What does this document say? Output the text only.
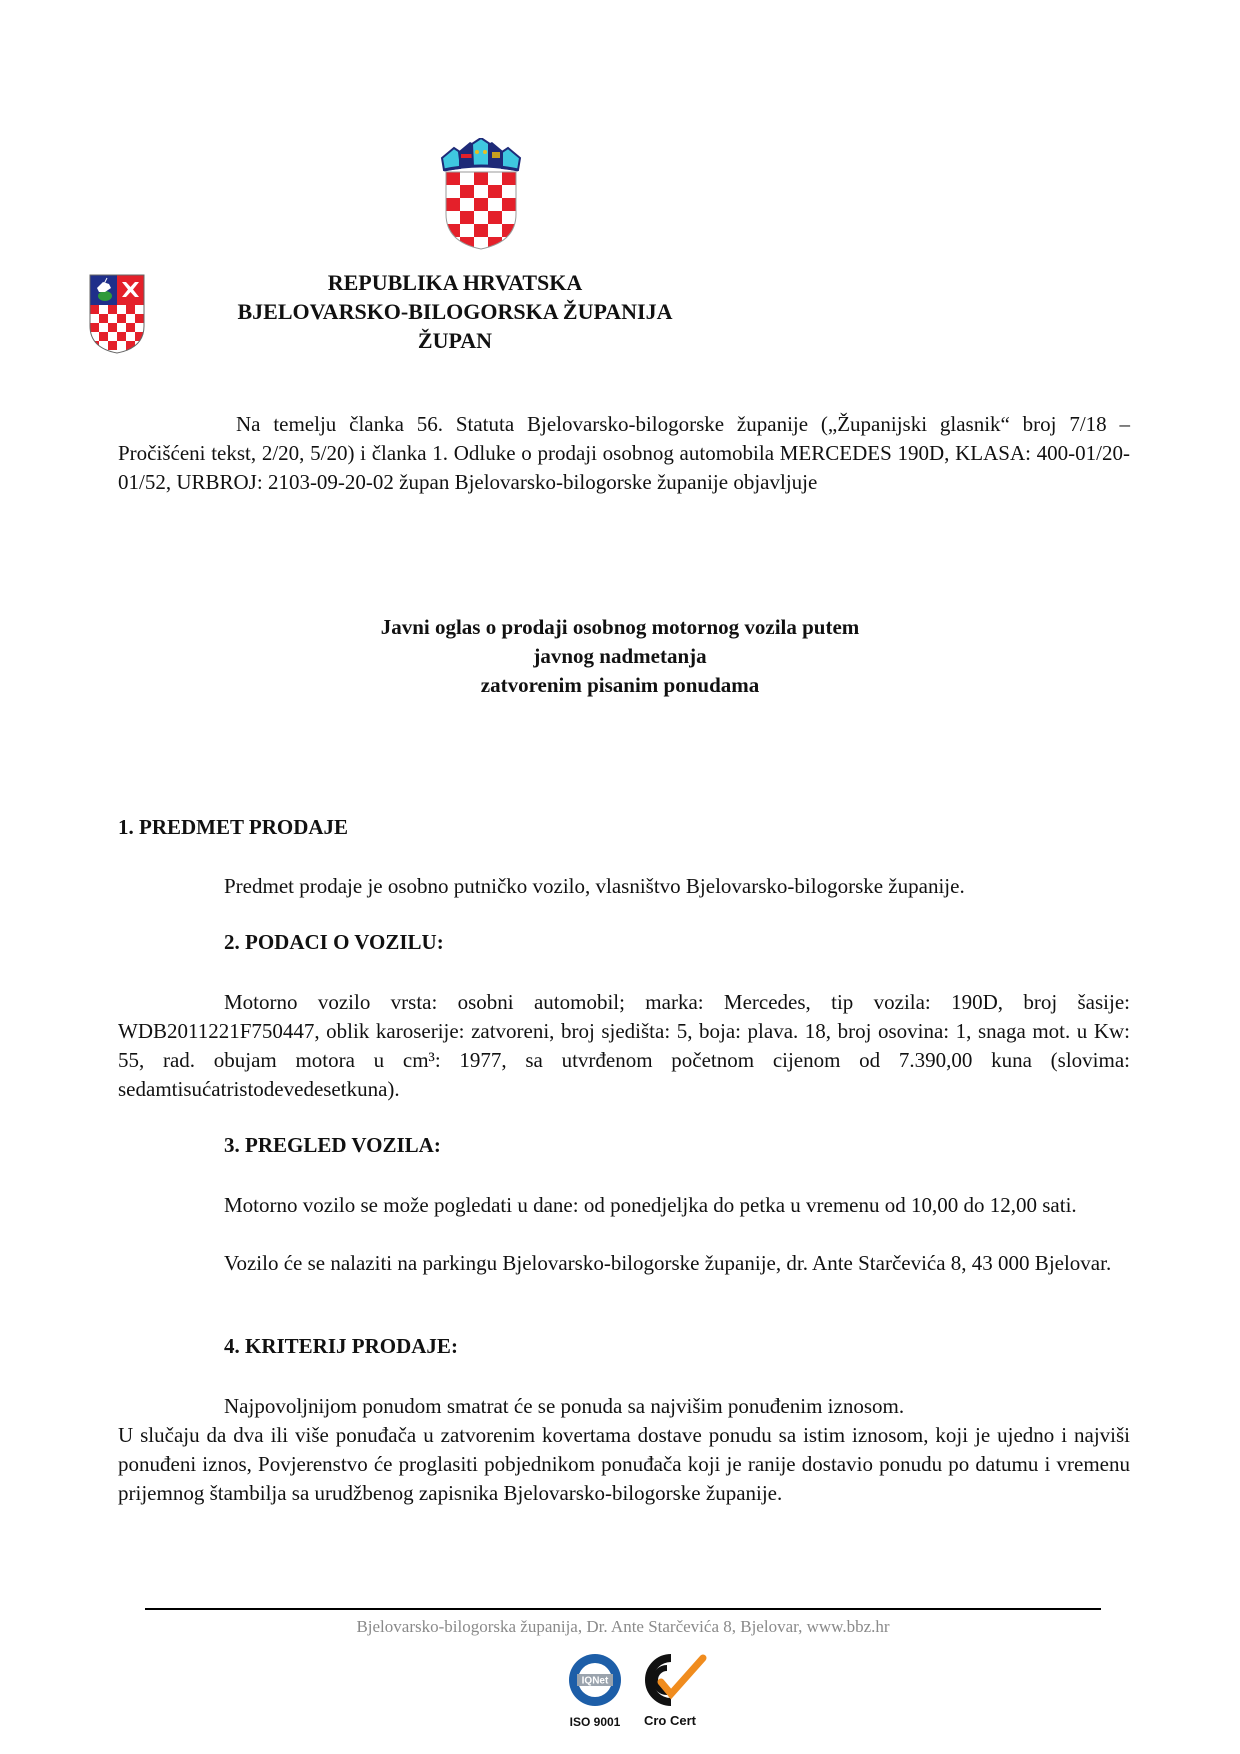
REPUBLIKA HRVATSKA
BJELOVARSKO-BILOGORSKA ŽUPANIJA
ŽUPAN
Na temelju članka 56. Statuta Bjelovarsko-bilogorske županije („Županijski glasnik“ broj 7/18 – Pročišćeni tekst, 2/20, 5/20) i članka 1. Odluke o prodaji osobnog automobila MERCEDES 190D, KLASA: 400-01/20-01/52, URBROJ: 2103-09-20-02 župan Bjelovarsko-bilogorske županije objavljuje
Javni oglas o prodaji osobnog motornog vozila putem
javnog nadmetanja
zatvorenim pisanim ponudama
1. PREDMET PRODAJE
Predmet prodaje je osobno putničko vozilo, vlasništvo Bjelovarsko-bilogorske županije.
2. PODACI O VOZILU:
Motorno vozilo vrsta: osobni automobil; marka: Mercedes, tip vozila: 190D, broj šasije: WDB2011221F750447, oblik karoserije: zatvoreni, broj sjedišta: 5, boja: plava. 18, broj osovina: 1, snaga mot. u Kw: 55, rad. obujam motora u cm³: 1977, sa utvrđenom početnom cijenom od 7.390,00 kuna (slovima: sedamtisućatristodevedesetkuna).
3. PREGLED VOZILA:
Motorno vozilo se može pogledati u dane: od ponedjeljka do petka u vremenu od 10,00 do 12,00 sati.
Vozilo će se nalaziti na parkingu Bjelovarsko-bilogorske županije, dr. Ante Starčevića 8, 43 000 Bjelovar.
4. KRITERIJ PRODAJE:
Najpovoljnijom ponudom smatrat će se ponuda sa najvišim ponuđenim iznosom.
U slučaju da dva ili više ponuđača u zatvorenim kovertama dostave ponudu sa istim iznosom, koji je ujedno i najviši ponuđeni iznos, Povjerenstvo će proglasiti pobjednikom ponuđača koji je ranije dostavio ponudu po datumu i vremenu prijemnog štambilja sa urudžbenog zapisnika Bjelovarsko-bilogorske županije.
Bjelovarsko-bilogorska županija, Dr. Ante Starčevića 8, Bjelovar, www.bbz.hr
IQNet
ISO 9001	Cro Cert
